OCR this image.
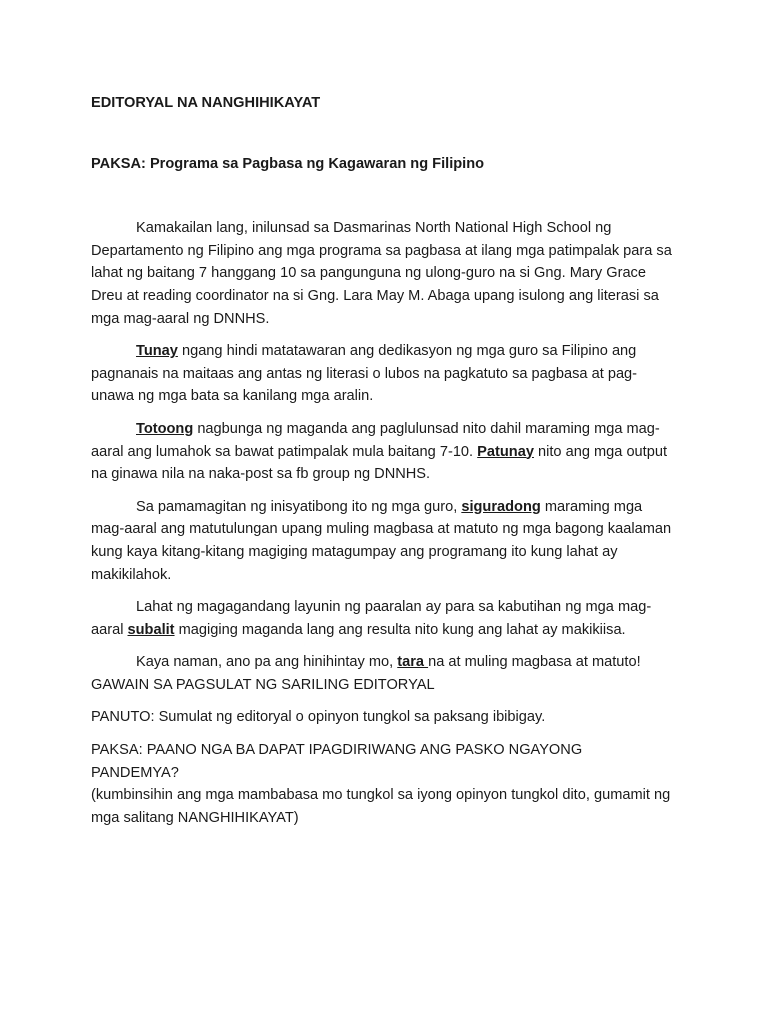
EDITORYAL NA NANGHIHIKAYAT
PAKSA: Programa sa Pagbasa ng Kagawaran ng Filipino

Kamakailan lang, inilunsad sa Dasmarinas North National High School ng Departamento ng Filipino ang mga programa sa pagbasa at ilang mga patimpalak para sa lahat ng baitang 7 hanggang 10 sa pangunguna ng ulong-guro na si Gng. Mary Grace Dreu at reading coordinator na si Gng. Lara May M. Abaga upang isulong ang literasi sa mga mag-aaral ng DNNHS.

Tunay ngang hindi matatawaran ang dedikasyon ng mga guro sa Filipino ang pagnanais na maitaas ang antas ng literasi o lubos na pagkatuto sa pagbasa at pag-unawa ng mga bata sa kanilang mga aralin.

Totoong nagbunga ng maganda ang paglulunsad nito dahil maraming mga mag-aaral ang lumahok sa bawat patimpalak mula baitang 7-10. Patunay nito ang mga output na ginawa nila na naka-post sa fb group ng DNNHS.

Sa pamamagitan ng inisyatibong ito ng mga guro, siguradong maraming mga mag-aaral ang matutulungan upang muling magbasa at matuto ng mga bagong kaalaman kung kaya kitang-kitang magiging matagumpay ang programang ito kung lahat ay makikilahok.

Lahat ng magagandang layunin ng paaralan ay para sa kabutihan ng mga mag-aaral subalit magiging maganda lang ang resulta nito kung ang lahat ay makikiisa.

Kaya naman, ano pa ang hinihintay mo, tara na at muling magbasa at matuto!

GAWAIN SA PAGSULAT NG SARILING EDITORYAL

PANUTO: Sumulat ng editoryal o opinyon tungkol sa paksang ibibigay.

PAKSA: PAANO NGA BA DAPAT IPAGDIRIWANG ANG PASKO NGAYONG PANDEMYA?
(kumbinsihin ang mga mambabasa mo tungkol sa iyong opinyon tungkol dito, gumamit ng mga salitang NANGHIHIKAYAT)
